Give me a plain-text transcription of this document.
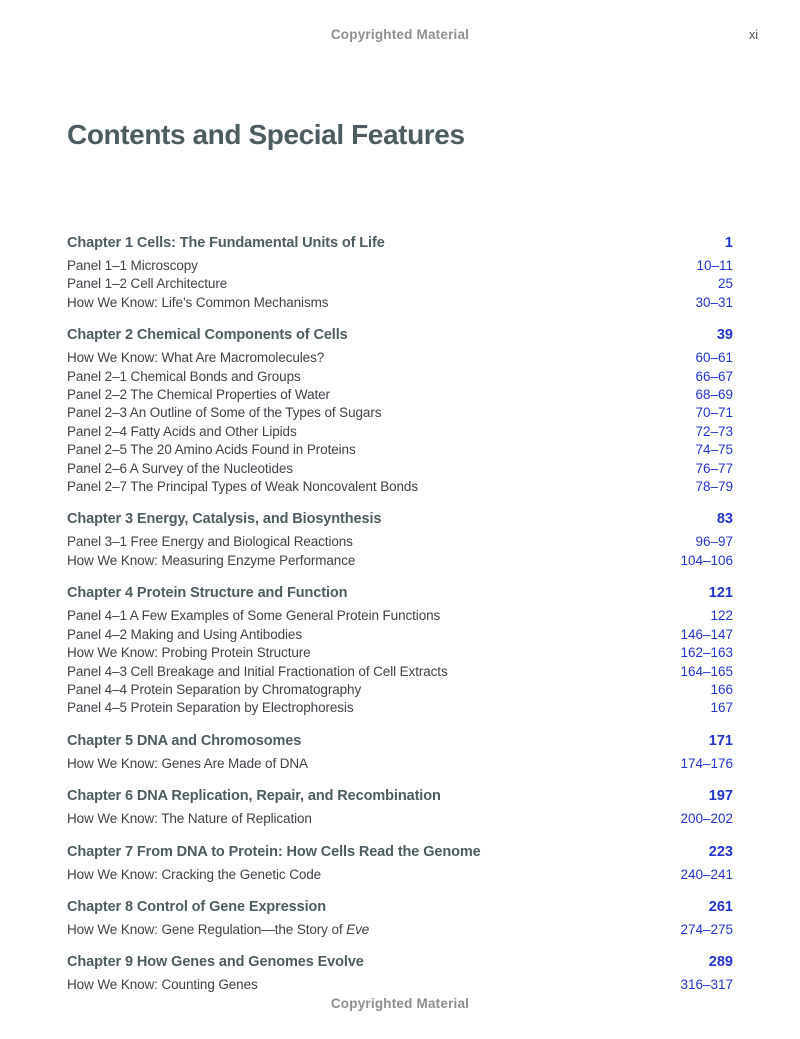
Copyrighted Material	xi
Contents and Special Features
Chapter 1 Cells: The Fundamental Units of Life	1
Panel 1–1 Microscopy	10–11
Panel 1–2 Cell Architecture	25
How We Know: Life’s Common Mechanisms	30–31
Chapter 2 Chemical Components of Cells	39
How We Know: What Are Macromolecules?	60–61
Panel 2–1 Chemical Bonds and Groups	66–67
Panel 2–2 The Chemical Properties of Water	68–69
Panel 2–3 An Outline of Some of the Types of Sugars	70–71
Panel 2–4 Fatty Acids and Other Lipids	72–73
Panel 2–5 The 20 Amino Acids Found in Proteins	74–75
Panel 2–6 A Survey of the Nucleotides	76–77
Panel 2–7 The Principal Types of Weak Noncovalent Bonds	78–79
Chapter 3 Energy, Catalysis, and Biosynthesis	83
Panel 3–1 Free Energy and Biological Reactions	96–97
How We Know: Measuring Enzyme Performance	104–106
Chapter 4 Protein Structure and Function	121
Panel 4–1 A Few Examples of Some General Protein Functions	122
Panel 4–2 Making and Using Antibodies	146–147
How We Know: Probing Protein Structure	162–163
Panel 4–3 Cell Breakage and Initial Fractionation of Cell Extracts	164–165
Panel 4–4 Protein Separation by Chromatography	166
Panel 4–5 Protein Separation by Electrophoresis	167
Chapter 5 DNA and Chromosomes	171
How We Know: Genes Are Made of DNA	174–176
Chapter 6 DNA Replication, Repair, and Recombination	197
How We Know: The Nature of Replication	200–202
Chapter 7 From DNA to Protein: How Cells Read the Genome	223
How We Know: Cracking the Genetic Code	240–241
Chapter 8 Control of Gene Expression	261
How We Know: Gene Regulation—the Story of Eve	274–275
Chapter 9 How Genes and Genomes Evolve	289
How We Know: Counting Genes	316–317
Copyrighted Material
